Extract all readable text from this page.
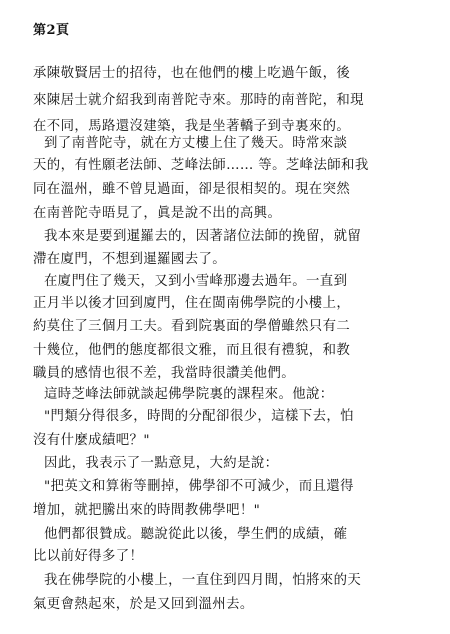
第2頁
承陳敬賢居士的招待，也在他們的樓上吃過午飯，後
來陳居士就介紹我到南普陀寺來。那時的南普陀，和現
在不同，馬路還沒建築，我是坐著轎子到寺裏來的。
到了南普陀寺，就在方丈樓上住了幾天。時常來談
天的，有性願老法師、芝峰法師…… 等。芝峰法師和我
同在溫州，雖不曾見過面，卻是很相契的。現在突然
在南普陀寺晤見了，眞是說不出的高興。
我本來是要到暹羅去的，因著諸位法師的挽留，就留
滯在廈門，不想到暹羅國去了。
在廈門住了幾天，又到小雪峰那邊去過年。一直到
正月半以後才回到廈門，住在閩南佛學院的小樓上，
約莫住了三個月工夫。看到院裏面的學僧雖然只有二
十幾位，他們的態度都很文雅，而且很有禮貌，和教
職員的感情也很不差，我當時很讚美他們。
這時芝峰法師就談起佛學院裏的課程來。他說：
"門類分得很多，時間的分配卻很少，這樣下去，怕
沒有什麼成績吧？"
因此，我表示了一點意見，大約是說：
"把英文和算術等刪掉，佛學卻不可減少，而且還得
增加，就把騰出來的時間教佛學吧！"
他們都很贊成。聽說從此以後，學生們的成績，確
比以前好得多了！
我在佛學院的小樓上，一直住到四月間，怕將來的天
氣更會熱起來，於是又回到溫州去。
